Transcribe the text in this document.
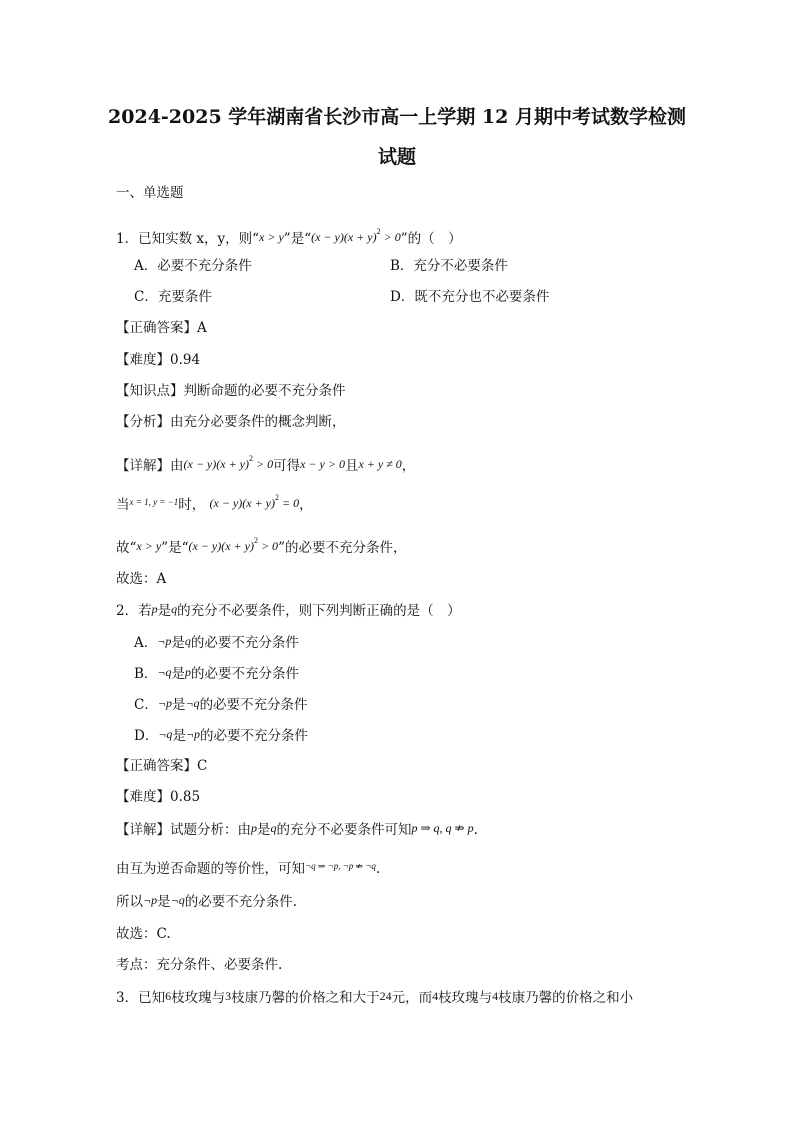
2024-2025 学年湖南省长沙市高一上学期 12 月期中考试数学检测
试题
一、单选题
1．已知实数 x，y，则“x > y”是“$(x - y)(x + y)^2 > 0$”的（　）
A．必要不充分条件	B．充分不必要条件
C．充要条件	D．既不充分也不必要条件
【正确答案】A
【难度】0.94
【知识点】判断命题的必要不充分条件
【分析】由充分必要条件的概念判断，
【详解】由$(x - y)(x + y)^2 > 0$可得x − y > 0且x + y ≠ 0，
当$^{x = 1, y = -1}$时， $(x - y)(x + y)^2 = 0$，
故“x > y”是“$(x - y)(x + y)^2 > 0$”的必要不充分条件，
故选：A
2．若p是q的充分不必要条件，则下列判断正确的是（　）
A．¬p是q的必要不充分条件
B．¬q是p的必要不充分条件
C．¬p是¬q的必要不充分条件
D．¬q是¬p的必要不充分条件
【正确答案】C
【难度】0.85
【详解】试题分析：由p是q的充分不必要条件可知p ⇒ q, q ⇏ p.
由互为逆否命题的等价性，可知$^{\neg q \Rightarrow \neg p, \neg p ⇏ \neg q}$.
所以¬p是¬q的必要不充分条件.
故选：C.
考点：充分条件、必要条件.
3．已知6枝玫瑰与3枝康乃馨的价格之和大于24元，而4枝玫瑰与4枝康乃馨的价格之和小
